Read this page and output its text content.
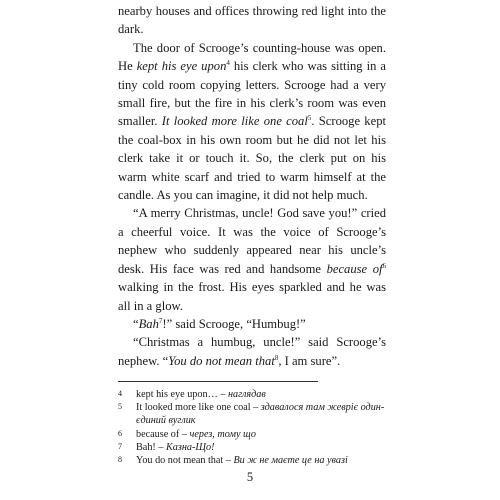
nearby houses and offices throwing red light into the dark.

The door of Scrooge’s counting-house was open. He kept his eye upon$^4$ his clerk who was sitting in a tiny cold room copying letters. Scrooge had a very small fire, but the fire in his clerk’s room was even smaller. It looked more like one coal$^5$. Scrooge kept the coal-box in his own room but he did not let his clerk take it or touch it. So, the clerk put on his warm white scarf and tried to warm himself at the candle. As you can imagine, it did not help much.

“A merry Christmas, uncle! God save you!” cried a cheerful voice. It was the voice of Scrooge’s nephew who suddenly appeared near his uncle’s desk. His face was red and handsome because $of^6$ walking in the frost. His eyes sparkled and he was all in a glow.

“Bah$^7$!” said Scrooge, “Humbug!”

“Christmas a humbug, uncle!” said Scrooge’s nephew. “You do not mean that$^8$, I am sure”.

4	kept his eye upon… – наглядав
5	It looked more like one coal – здавалося там жевріє один-єдиний вуглик
6	because of – через, тому що
7	Bah! – Казна-Що!
8	You do not mean that – Ви ж не маєте це на увазі
5
